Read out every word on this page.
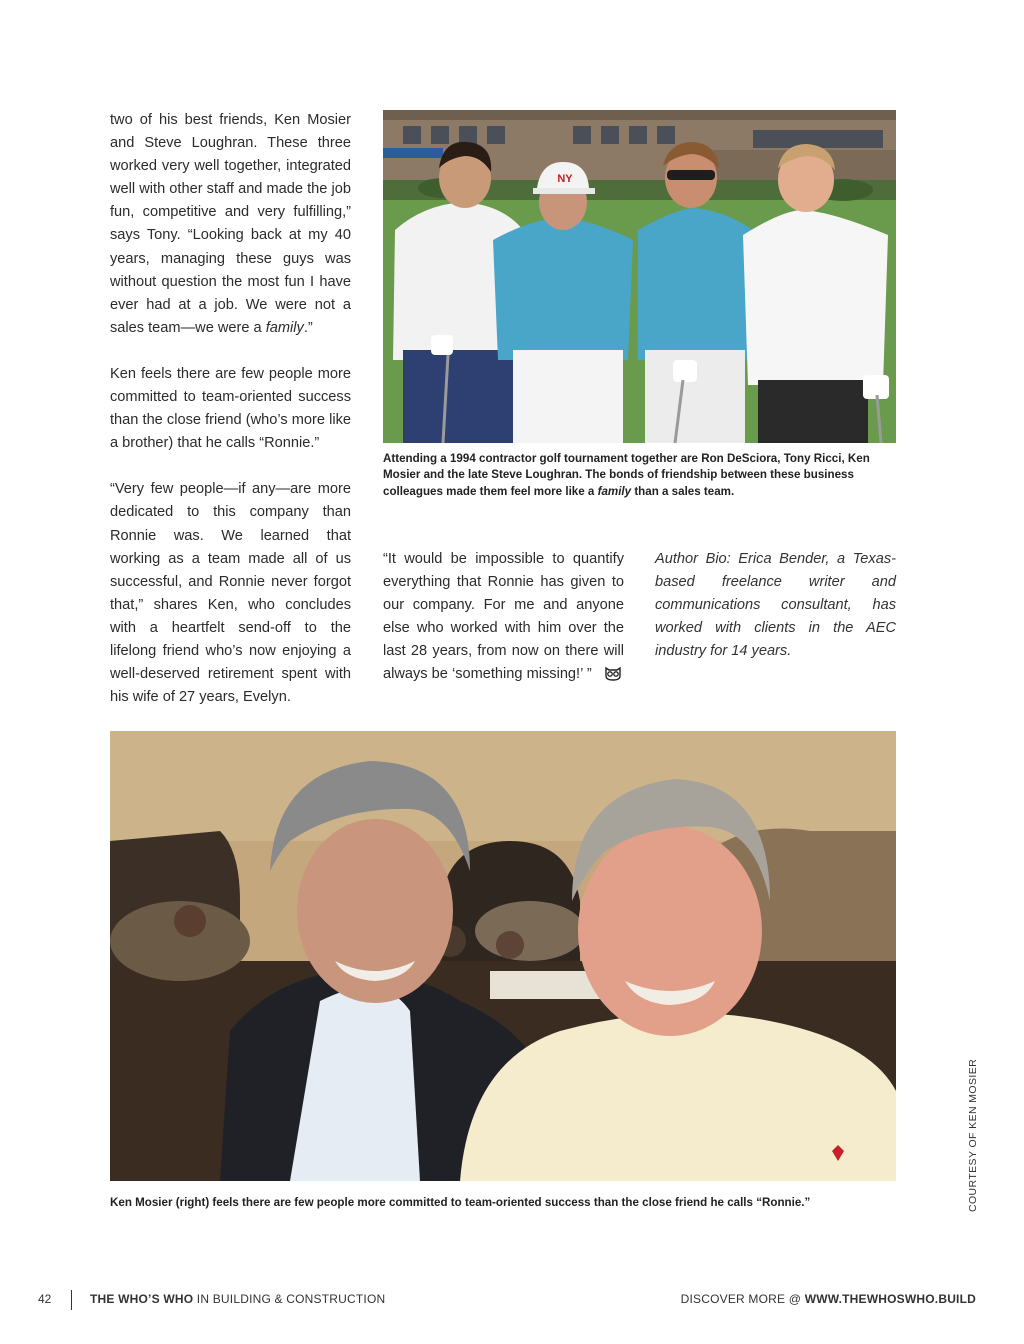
two of his best friends, Ken Mosier and Steve Loughran. These three worked very well together, integrated well with other staff and made the job fun, competitive and very fulfilling,” says Tony. “Looking back at my 40 years, managing these guys was without question the most fun I have ever had at a job. We were not a sales team—we were a family.”

Ken feels there are few people more committed to team-oriented success than the close friend (who’s more like a brother) that he calls “Ronnie.”

“Very few people—if any—are more dedicated to this company than Ronnie was. We learned that working as a team made all of us successful, and Ronnie never forgot that,” shares Ken, who concludes with a heartfelt send-off to the lifelong friend who’s now enjoying a well-deserved retirement spent with his wife of 27 years, Evelyn.

NY
Attending a 1994 contractor golf tournament together are Ron DeSciora, Tony Ricci, Ken Mosier and the late Steve Loughran. The bonds of friendship between these business colleagues made them feel more like a family than a sales team.

“It would be impossible to quantify everything that Ronnie has given to our company. For me and anyone else who worked with him over the last 28 years, from now on there will always be ‘something missing!’ ”

Author Bio: Erica Bender, a Texas-based freelance writer and communications consultant, has worked with clients in the AEC industry for 14 years.

Ken Mosier (right) feels there are few people more committed to team-oriented success than the close friend he calls “Ronnie.”	COURTESY OF KEN MOSIER
42	THE WHO’S WHO IN BUILDING & CONSTRUCTION	DISCOVER MORE @ WWW.THEWHOSWHO.BUILD
